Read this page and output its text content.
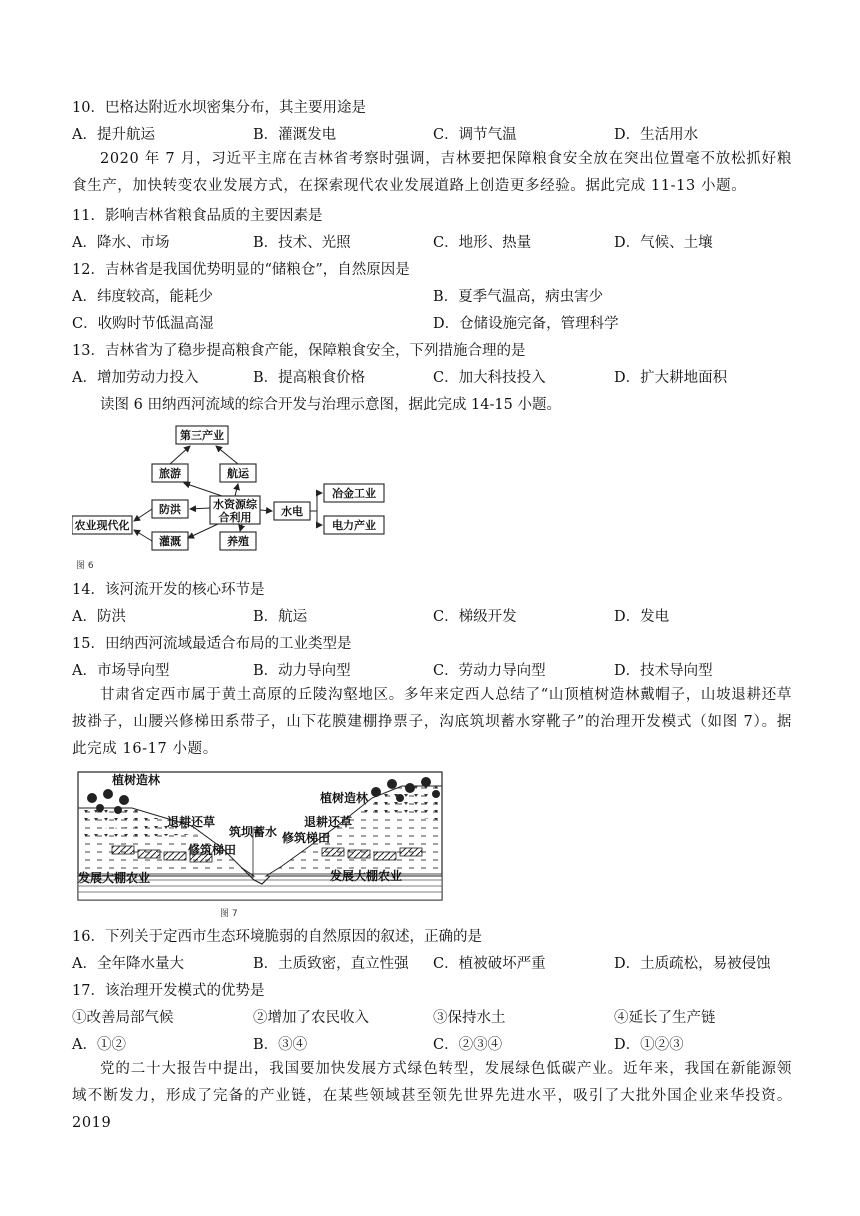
10．巴格达附近水坝密集分布，其主要用途是
A．提升航运	B．灌溉发电	C．调节气温	D．生活用水
2020 年 7 月，习近平主席在吉林省考察时强调，吉林要把保障粮食安全放在突出位置毫不放松抓好粮食生产，加快转变农业发展方式，在探索现代农业发展道路上创造更多经验。据此完成 11-13 小题。
11．影响吉林省粮食品质的主要因素是
A．降水、市场	B．技术、光照	C．地形、热量	D．气候、土壤
12．吉林省是我国优势明显的“储粮仓”，自然原因是
A．纬度较高，能耗少	B．夏季气温高，病虫害少
C．收购时节低温高湿	D．仓储设施完备，管理科学
13．吉林省为了稳步提高粮食产能，保障粮食安全，下列措施合理的是
A．增加劳动力投入	B．提高粮食价格	C．加大科技投入	D．扩大耕地面积
读图 6 田纳西河流域的综合开发与治理示意图，据此完成 14-15 小题。
第三产业
旅游	航运
水资源综
合利用
防洪
灌溉	养殖
农业现代化
水电
冶金工业
电力产业
图 6
14．该河流开发的核心环节是
A．防洪	B．航运	C．梯级开发	D．发电
15．田纳西河流域最适合布局的工业类型是
A．市场导向型	B．动力导向型	C．劳动力导向型	D．技术导向型
甘肃省定西市属于黄土高原的丘陵沟壑地区。多年来定西人总结了“山顶植树造林戴帽子，山坡退耕还草披褂子，山腰兴修梯田系带子，山下花膜建棚挣票子，沟底筑坝蓄水穿靴子”的治理开发模式（如图 7）。据此完成 16-17 小题。
植树造林
退耕还草
修筑梯田
发展大棚农业
筑坝蓄水
植树造林
退耕还草
修筑梯田
发展大棚农业
图 7
16．下列关于定西市生态环境脆弱的自然原因的叙述，正确的是
A．全年降水量大	B．土质致密，直立性强 C．植被破坏严重	D．土质疏松，易被侵蚀
17．该治理开发模式的优势是
①改善局部气候	②增加了农民收入	③保持水土	④延长了生产链
A．①②	B．③④	C．②③④	D．①②③
党的二十大报告中提出，我国要加快发展方式绿色转型，发展绿色低碳产业。近年来，我国在新能源领域不断发力，形成了完备的产业链，在某些领域甚至领先世界先进水平，吸引了大批外国企业来华投资。2019
